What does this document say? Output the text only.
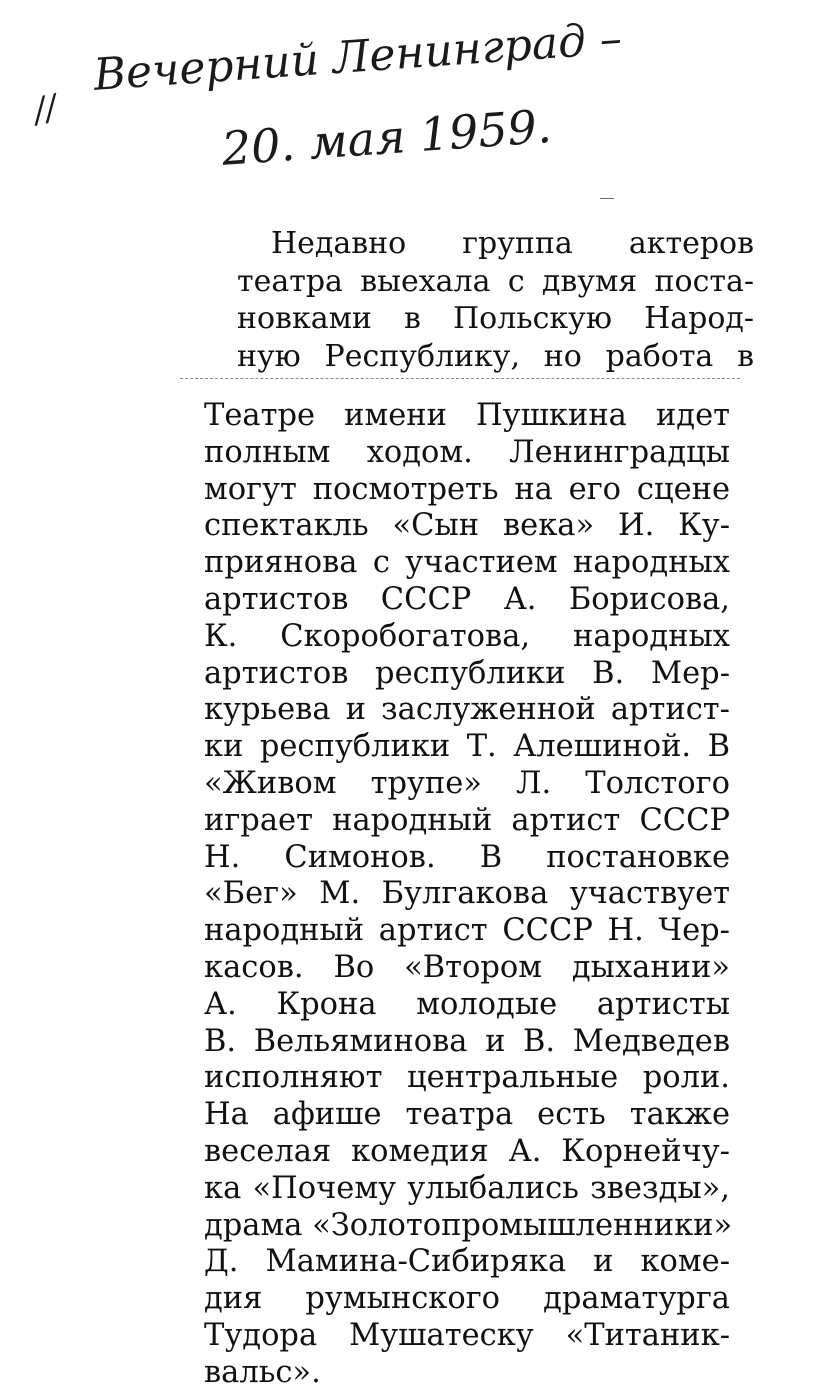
//
Вечерний Ленинград –
20. мая 1959.
Недавно группа актеров
театра выехала с двумя поста-
новками в Польскую Народ-
ную Республику, но работа в
Театре имени Пушкина идет
полным ходом. Ленинградцы
могут посмотреть на его сцене
спектакль «Сын века» И. Ку-
приянова с участием народных
артистов СССР А. Борисова,
К. Скоробогатова, народных
артистов республики В. Мер-
курьева и заслуженной артист-
ки республики Т. Алешиной. В
«Живом трупе» Л. Толстого
играет народный артист СССР
Н. Симонов. В постановке
«Бег» М. Булгакова участвует
народный артист СССР Н. Чер-
касов. Во «Втором дыхании»
А. Крона молодые артисты
В. Вельяминова и В. Медведев
исполняют центральные роли.
На афише театра есть также
веселая комедия А. Корнейчу-
ка «Почему улыбались звезды»,
драма «Золотопромышленники»
Д. Мамина-Сибиряка и коме-
дия румынского драматурга
Тудора Мушатеску «Титаник-
вальс».
